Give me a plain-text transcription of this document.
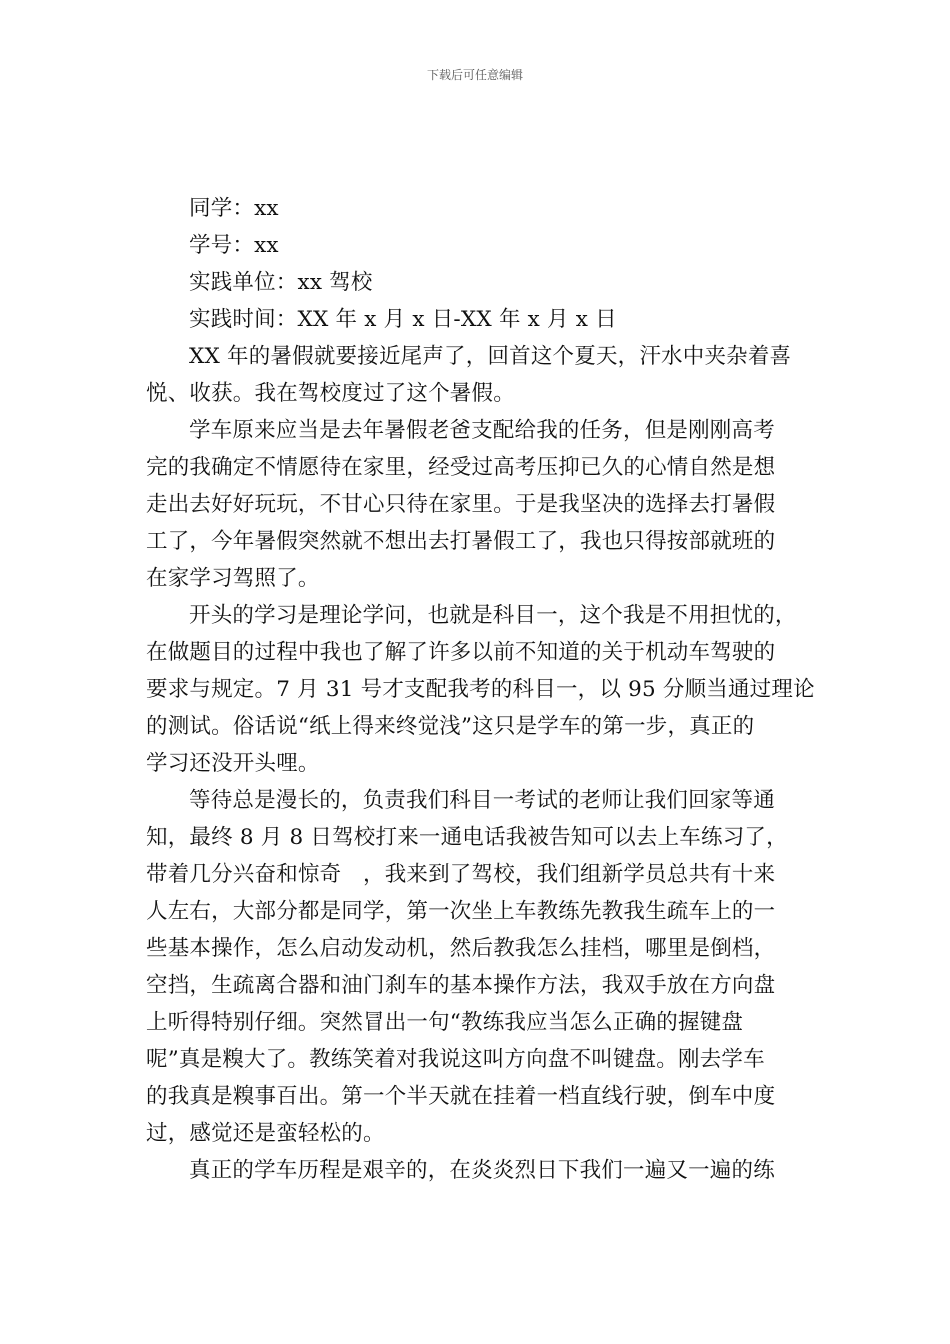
下载后可任意编辑
同学：xx
学号：xx
实践单位：xx 驾校
实践时间：XX 年 x 月 x 日-XX 年 x 月 x 日
XX 年的暑假就要接近尾声了，回首这个夏天，汗水中夹杂着喜
悦、收获。我在驾校度过了这个暑假。
学车原来应当是去年暑假老爸支配给我的任务，但是刚刚高考
完的我确定不情愿待在家里，经受过高考压抑已久的心情自然是想
走出去好好玩玩，不甘心只待在家里。于是我坚决的选择去打暑假
工了，今年暑假突然就不想出去打暑假工了，我也只得按部就班的
在家学习驾照了。
开头的学习是理论学问，也就是科目一，这个我是不用担忧的，
在做题目的过程中我也了解了许多以前不知道的关于机动车驾驶的
要求与规定。7 月 31 号才支配我考的科目一，以 95 分顺当通过理论
的测试。俗话说“纸上得来终觉浅”这只是学车的第一步，真正的
学习还没开头哩。
等待总是漫长的，负责我们科目一考试的老师让我们回家等通
知，最终 8 月 8 日驾校打来一通电话我被告知可以去上车练习了，
带着几分兴奋和惊奇　，我来到了驾校，我们组新学员总共有十来
人左右，大部分都是同学，第一次坐上车教练先教我生疏车上的一
些基本操作，怎么启动发动机，然后教我怎么挂档，哪里是倒档，
空挡，生疏离合器和油门刹车的基本操作方法，我双手放在方向盘
上听得特别仔细。突然冒出一句“教练我应当怎么正确的握键盘
呢”真是糗大了。教练笑着对我说这叫方向盘不叫键盘。刚去学车
的我真是糗事百出。第一个半天就在挂着一档直线行驶，倒车中度
过，感觉还是蛮轻松的。
真正的学车历程是艰辛的，在炎炎烈日下我们一遍又一遍的练
